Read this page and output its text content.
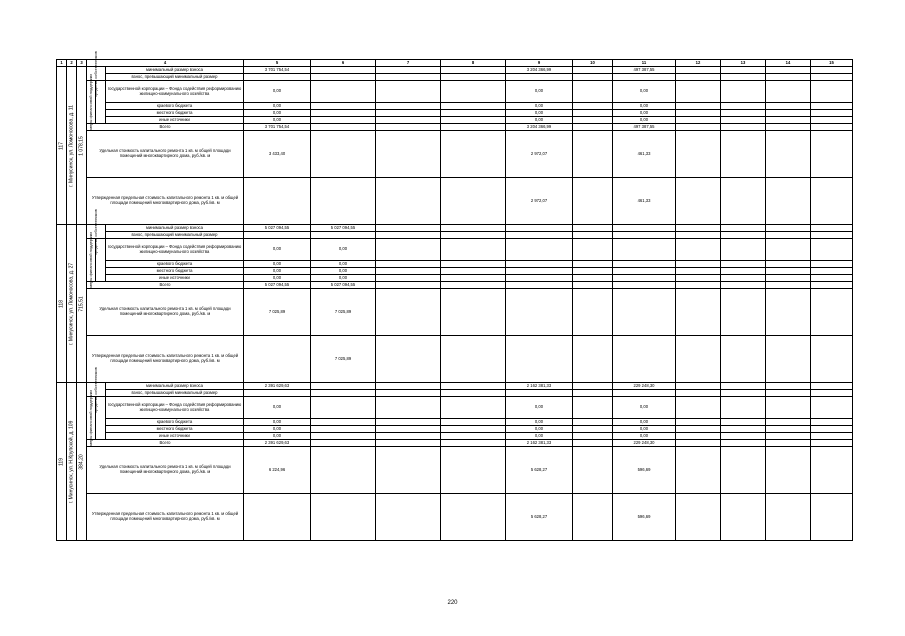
1	2	3	4			5	6	7	8	9	10	11	12	13	14	15

117	г. Минусинск, ул. Ломоносова, д. 11	1 078,15	средства собственников		минимальный размер взноса	3 701 754,54				3 204 366,99		497 387,55				
					взнос, превышающий минимальный размер											

			меры финансовой поддержки		государственной корпорации – Фонда содействия реформированию жилищно-коммунального хозяйства	0,00				0,00		0,00				
					краевого бюджета	0,00				0,00		0,00				
					местного бюджета	0,00				0,00		0,00				
					иные источники	0,00				0,00		0,00				
			Всего			3 701 754,54				3 204 366,99		497 387,55				
			Удельная стоимость капитального ремонта 1 кв. м общей площади помещений многоквартирного дома, руб./кв. м			3 433,40				2 972,07		461,33				
			Утвержденная предельная стоимость капитального ремонта 1 кв. м общей площади помещений многоквартирного дома, руб./кв. м							2 972,07		461,33				

118	г. Минусинск, ул. Ломоносова, д. 27	715,51	средства собственников		минимальный размер взноса	5 027 094,55	5 027 094,55									
					взнос, превышающий минимальный размер											

			меры финансовой поддержки		государственной корпорации – Фонда содействия реформированию жилищно-коммунального хозяйства	0,00	0,00									
					краевого бюджета	0,00	0,00									
					местного бюджета	0,00	0,00									
					иные источники	0,00	0,00									
			Всего			5 027 094,55	5 027 094,55									
			Удельная стоимость капитального ремонта 1 кв. м общей площади помещений многоквартирного дома, руб./кв. м			7 025,89	7 025,89									
			Утвержденная предельная стоимость капитального ремонта 1 кв. м общей площади помещений многоквартирного дома, руб./кв. м				7 025,89									

119	г. Минусинск, ул. Н.Крупской, д. 109	384,20	средства собственников		минимальный размер взноса	2 391 629,63				2 162 381,33		229 248,30				
					взнос, превышающий минимальный размер											

			меры финансовой поддержки		государственной корпорации – Фонда содействия реформированию жилищно-коммунального хозяйства	0,00				0,00		0,00				
					краевого бюджета	0,00				0,00		0,00				
					местного бюджета	0,00				0,00		0,00				
					иные источники	0,00				0,00		0,00				
			Всего			2 391 629,63				2 162 381,33		229 248,30				
			Удельная стоимость капитального ремонта 1 кв. м общей площади помещений многоквартирного дома, руб./кв. м			6 224,96				5 628,27		596,69				
			Утвержденная предельная стоимость капитального ремонта 1 кв. м общей площади помещений многоквартирного дома, руб./кв. м							5 628,27		596,69				
220
